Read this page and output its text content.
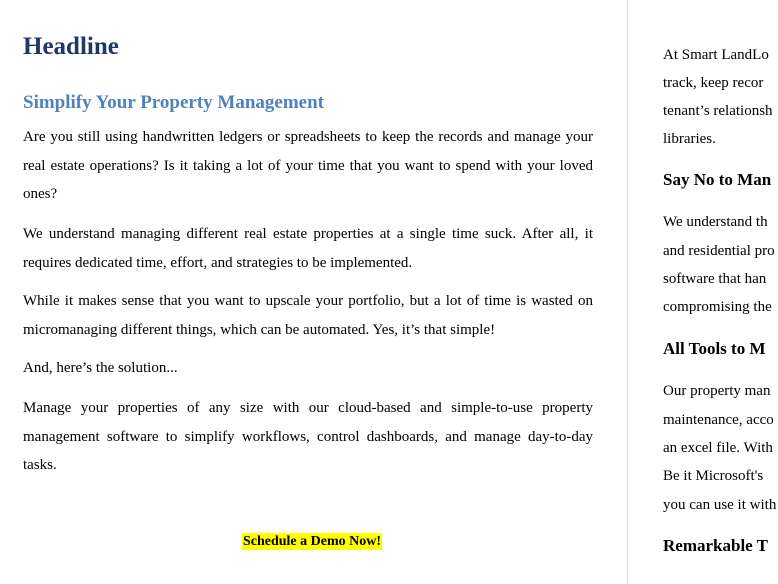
Headline
Simplify Your Property Management

Are you still using handwritten ledgers or spreadsheets to keep the records and manage your real estate operations? Is it taking a lot of your time that you want to spend with your loved ones?

We understand managing different real estate properties at a single time suck. After all, it requires dedicated time, effort, and strategies to be implemented.

While it makes sense that you want to upscale your portfolio, but a lot of time is wasted on micromanaging different things, which can be automated. Yes, it’s that simple!

And, here’s the solution...

Manage your properties of any size with our cloud-based and simple-to-use property management software to simplify workflows, control dashboards, and manage day-to-day tasks.

Schedule a Demo Now!

At Smart LandLo

track, keep recor

tenant’s relationsh

libraries.

Say No to Man

We understand th

and residential pro

software that han

compromising the

All Tools to M

Our property man

maintenance, acco

an excel file. With

Be it Microsoft's

you can use it with

Remarkable T
